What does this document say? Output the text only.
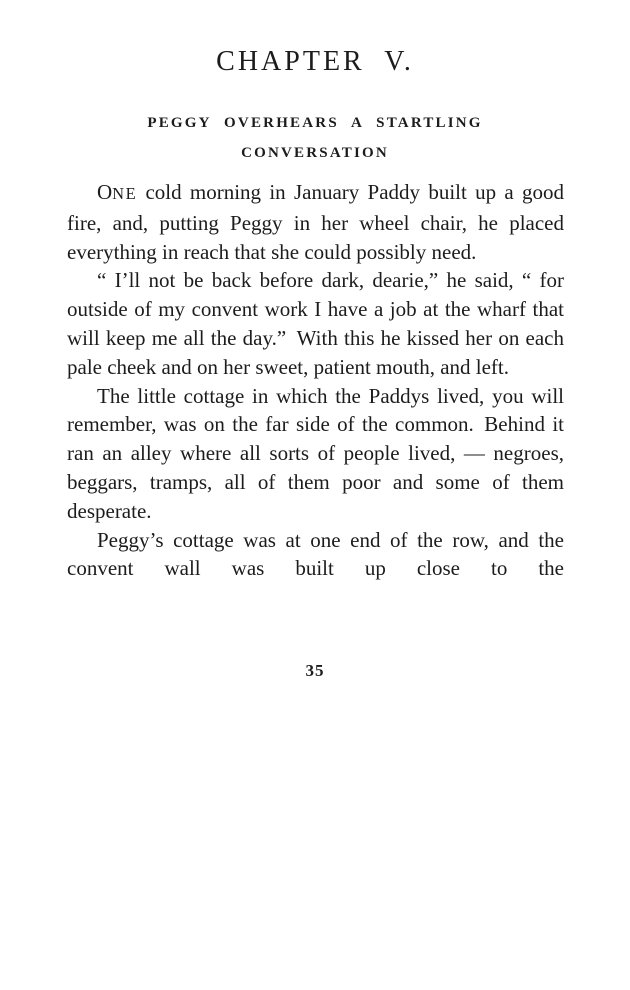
CHAPTER V.
PEGGY OVERHEARS A STARTLING
CONVERSATION

ONE cold morning in January Paddy built up a good fire, and, putting Peggy in her wheel chair, he placed everything in reach that she could possibly need.

“ I’ll not be back before dark, dearie,” he said, “ for outside of my convent work I have a job at the wharf that will keep me all the day.” With this he kissed her on each pale cheek and on her sweet, patient mouth, and left.

The little cottage in which the Paddys lived, you will remember, was on the far side of the common. Behind it ran an alley where all sorts of people lived, — negroes, beggars, tramps, all of them poor and some of them desperate.

Peggy’s cottage was at one end of the row, and the convent wall was built up close to the

35
